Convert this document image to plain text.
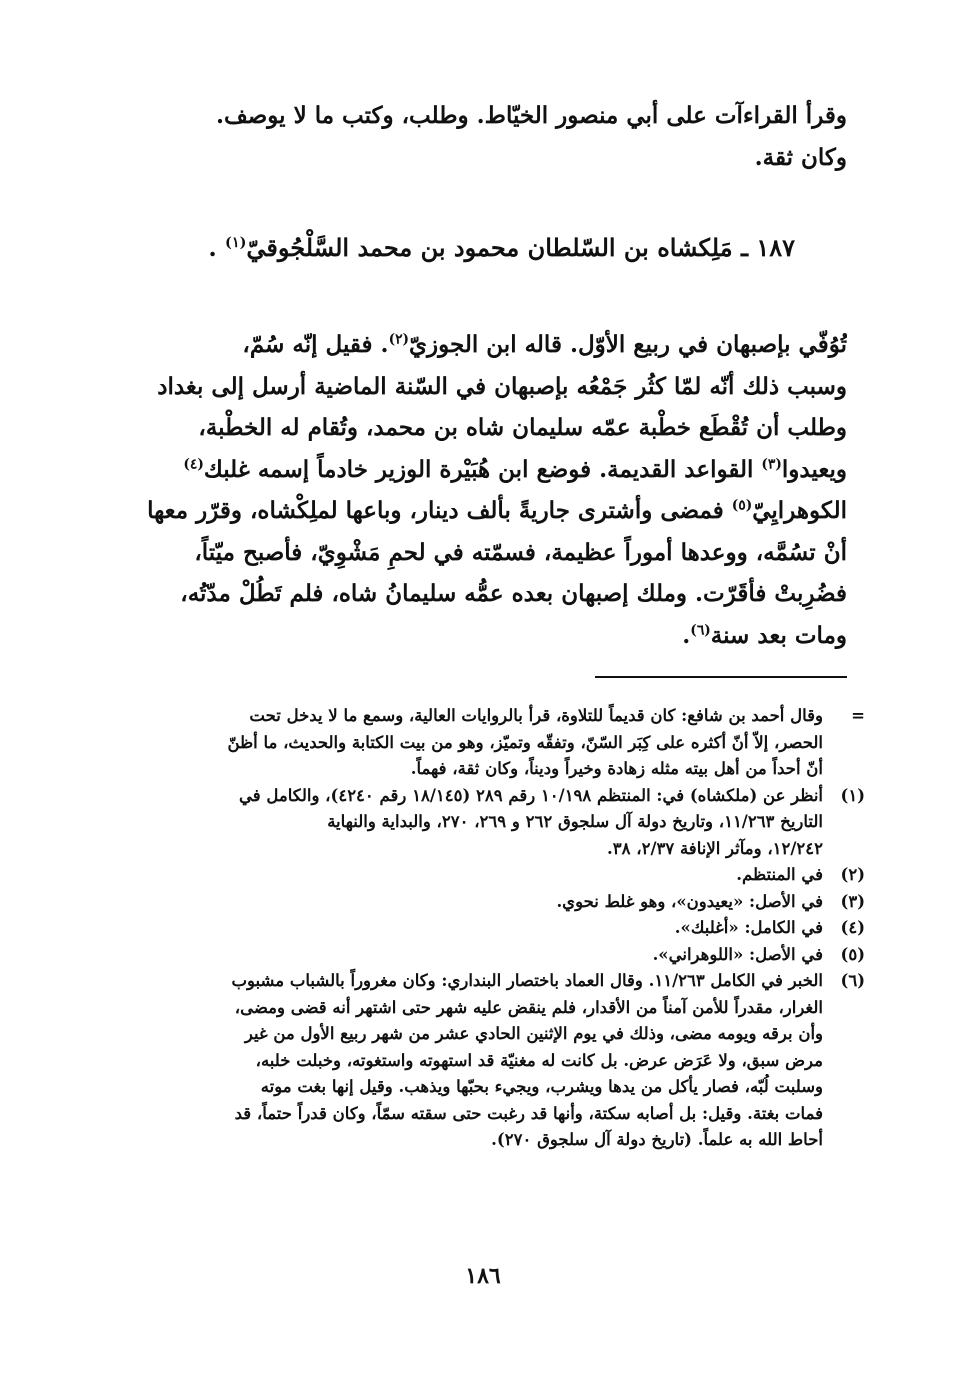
وقرأ القراءآت على أبي منصور الخيّاط. وطلب، وكتب ما لا يوصف.
وكان ثقة.
١٨٧ ـ مَلِكشاه بن السّلطان محمود بن محمد السَّلْجُوقيّ$^{(١)}$ .
تُوُفّي بإصبهان في ربيع الأوّل. قاله ابن الجوزيّ$^{(٢)}$. فقيل إنّه سُمّ،
وسبب ذلك أنّه لمّا كثُر جَمْعُه بإصبهان في السّنة الماضية أرسل إلى بغداد
وطلب أن تُقْطَع خطْبة عمّه سليمان شاه بن محمد، وتُقام له الخطْبة،
ويعيدوا$^{(٣)}$ القواعد القديمة. فوضع ابن هُبَيْرة الوزير خادماً إسمه غلبك$^{(٤)}$
الكوهرايِيّ$^{(٥)}$ فمضى وأشترى جاريةً بألف دينار، وباعها لملِكْشاه، وقرّر معها
أنْ تسُمَّه، ووعدها أموراً عظيمة، فسمّته في لحمِ مَشْوِيّ، فأصبح ميّتاً،
فضُرِبتْ فأقَرّت. وملك إصبهان بعده عمُّه سليمانُ شاه، فلم تَطُلْ مدّتُه،
ومات بعد سنة$^{(٦)}$.
=
وقال أحمد بن شافع: كان قديماً للتلاوة، قرأ بالروايات العالية، وسمع ما لا يدخل تحت
الحصر، إلاّ أنّ أكثره على كِبَر السّنّ، وتفقّه وتميّز، وهو من بيت الكتابة والحديث، ما أظنّ
أنّ أحداً من أهل بيته مثله زهادة وخيراً وديناً، وكان ثقة، فهماً.
(١)
أنظر عن (ملكشاه) في: المنتظم ١٠/١٩٨ رقم ٢٨٩ (١٨/١٤٥ رقم ٤٢٤٠)، والكامل في
التاريخ ١١/٢٦٣، وتاريخ دولة آل سلجوق ٢٦٢ و ٢٦٩، ٢٧٠، والبداية والنهاية
١٢/٢٤٢، ومآثر الإنافة ٢/٣٧، ٣٨.
(٢)
في المنتظم.
(٣)
في الأصل: «يعيدون»، وهو غلط نحوي.
(٤)
في الكامل: «أغلبك».
(٥)
في الأصل: «اللوهراني».
(٦)
الخبر في الكامل ١١/٢٦٣. وقال العماد باختصار البنداري: وكان مغروراً بالشباب مشبوب
الغرار، مقدراً للأمن آمناً من الأقدار، فلم ينقض عليه شهر حتى اشتهر أنه قضى ومضى،
وأن برقه ويومه مضى، وذلك في يوم الإثنين الحادي عشر من شهر ربيع الأول من غير
مرض سبق، ولا عَرَض عرض. بل كانت له مغنيّة قد استهوته واستغوته، وخبلت خلبه،
وسلبت لُبّه، فصار يأكل من يدها ويشرب، ويجيء بحبّها ويذهب. وقيل إنها بغت موته
فمات بغتة. وقيل: بل أصابه سكتة، وأنها قد رغبت حتى سقته سمّاً، وكان قدراً حتماً، قد
أحاط الله به علماً. (تاريخ دولة آل سلجوق ٢٧٠).
١٨٦
